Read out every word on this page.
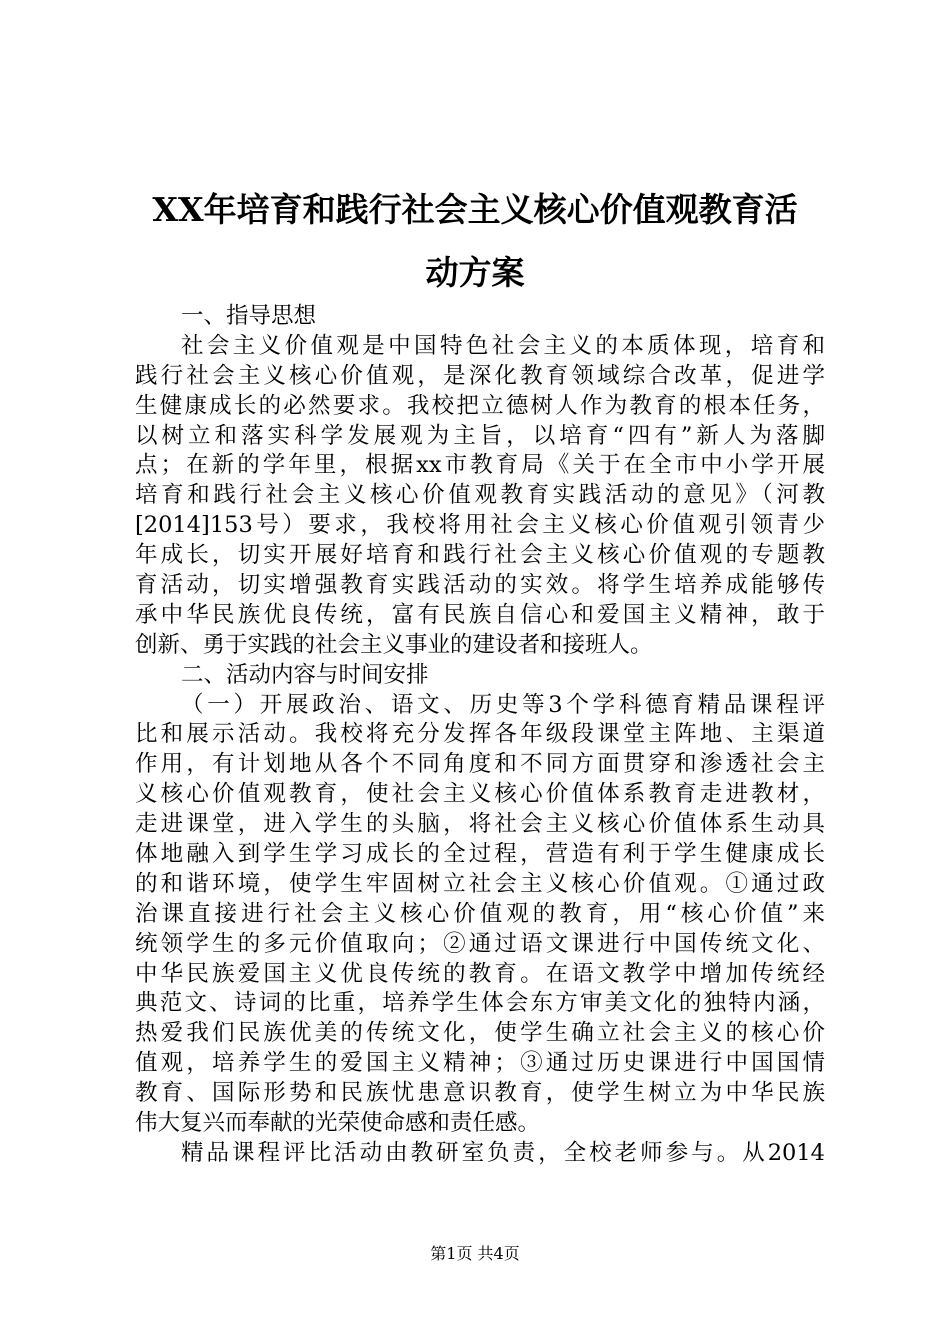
XX年培育和践行社会主义核心价值观教育活
动方案
一、指导思想
社会主义价值观是中国特色社会主义的本质体现，培育和
践行社会主义核心价值观，是深化教育领域综合改革，促进学
生健康成长的必然要求。我校把立德树人作为教育的根本任务，
以树立和落实科学发展观为主旨，以培育“四有”新人为落脚
点；在新的学年里，根据xx市教育局《关于在全市中小学开展
培育和践行社会主义核心价值观教育实践活动的意见》（河教
[2014]153号）要求，我校将用社会主义核心价值观引领青少
年成长，切实开展好培育和践行社会主义核心价值观的专题教
育活动，切实增强教育实践活动的实效。将学生培养成能够传
承中华民族优良传统，富有民族自信心和爱国主义精神，敢于
创新、勇于实践的社会主义事业的建设者和接班人。
二、活动内容与时间安排
（一）开展政治、语文、历史等3个学科德育精品课程评
比和展示活动。我校将充分发挥各年级段课堂主阵地、主渠道
作用，有计划地从各个不同角度和不同方面贯穿和渗透社会主
义核心价值观教育，使社会主义核心价值体系教育走进教材，
走进课堂，进入学生的头脑，将社会主义核心价值体系生动具
体地融入到学生学习成长的全过程，营造有利于学生健康成长
的和谐环境，使学生牢固树立社会主义核心价值观。①通过政
治课直接进行社会主义核心价值观的教育，用“核心价值”来
统领学生的多元价值取向；②通过语文课进行中国传统文化、
中华民族爱国主义优良传统的教育。在语文教学中增加传统经
典范文、诗词的比重，培养学生体会东方审美文化的独特内涵，
热爱我们民族优美的传统文化，使学生确立社会主义的核心价
值观，培养学生的爱国主义精神；③通过历史课进行中国国情
教育、国际形势和民族忧患意识教育，使学生树立为中华民族
伟大复兴而奉献的光荣使命感和责任感。
精品课程评比活动由教研室负责，全校老师参与。从2014
第1页 共4页
